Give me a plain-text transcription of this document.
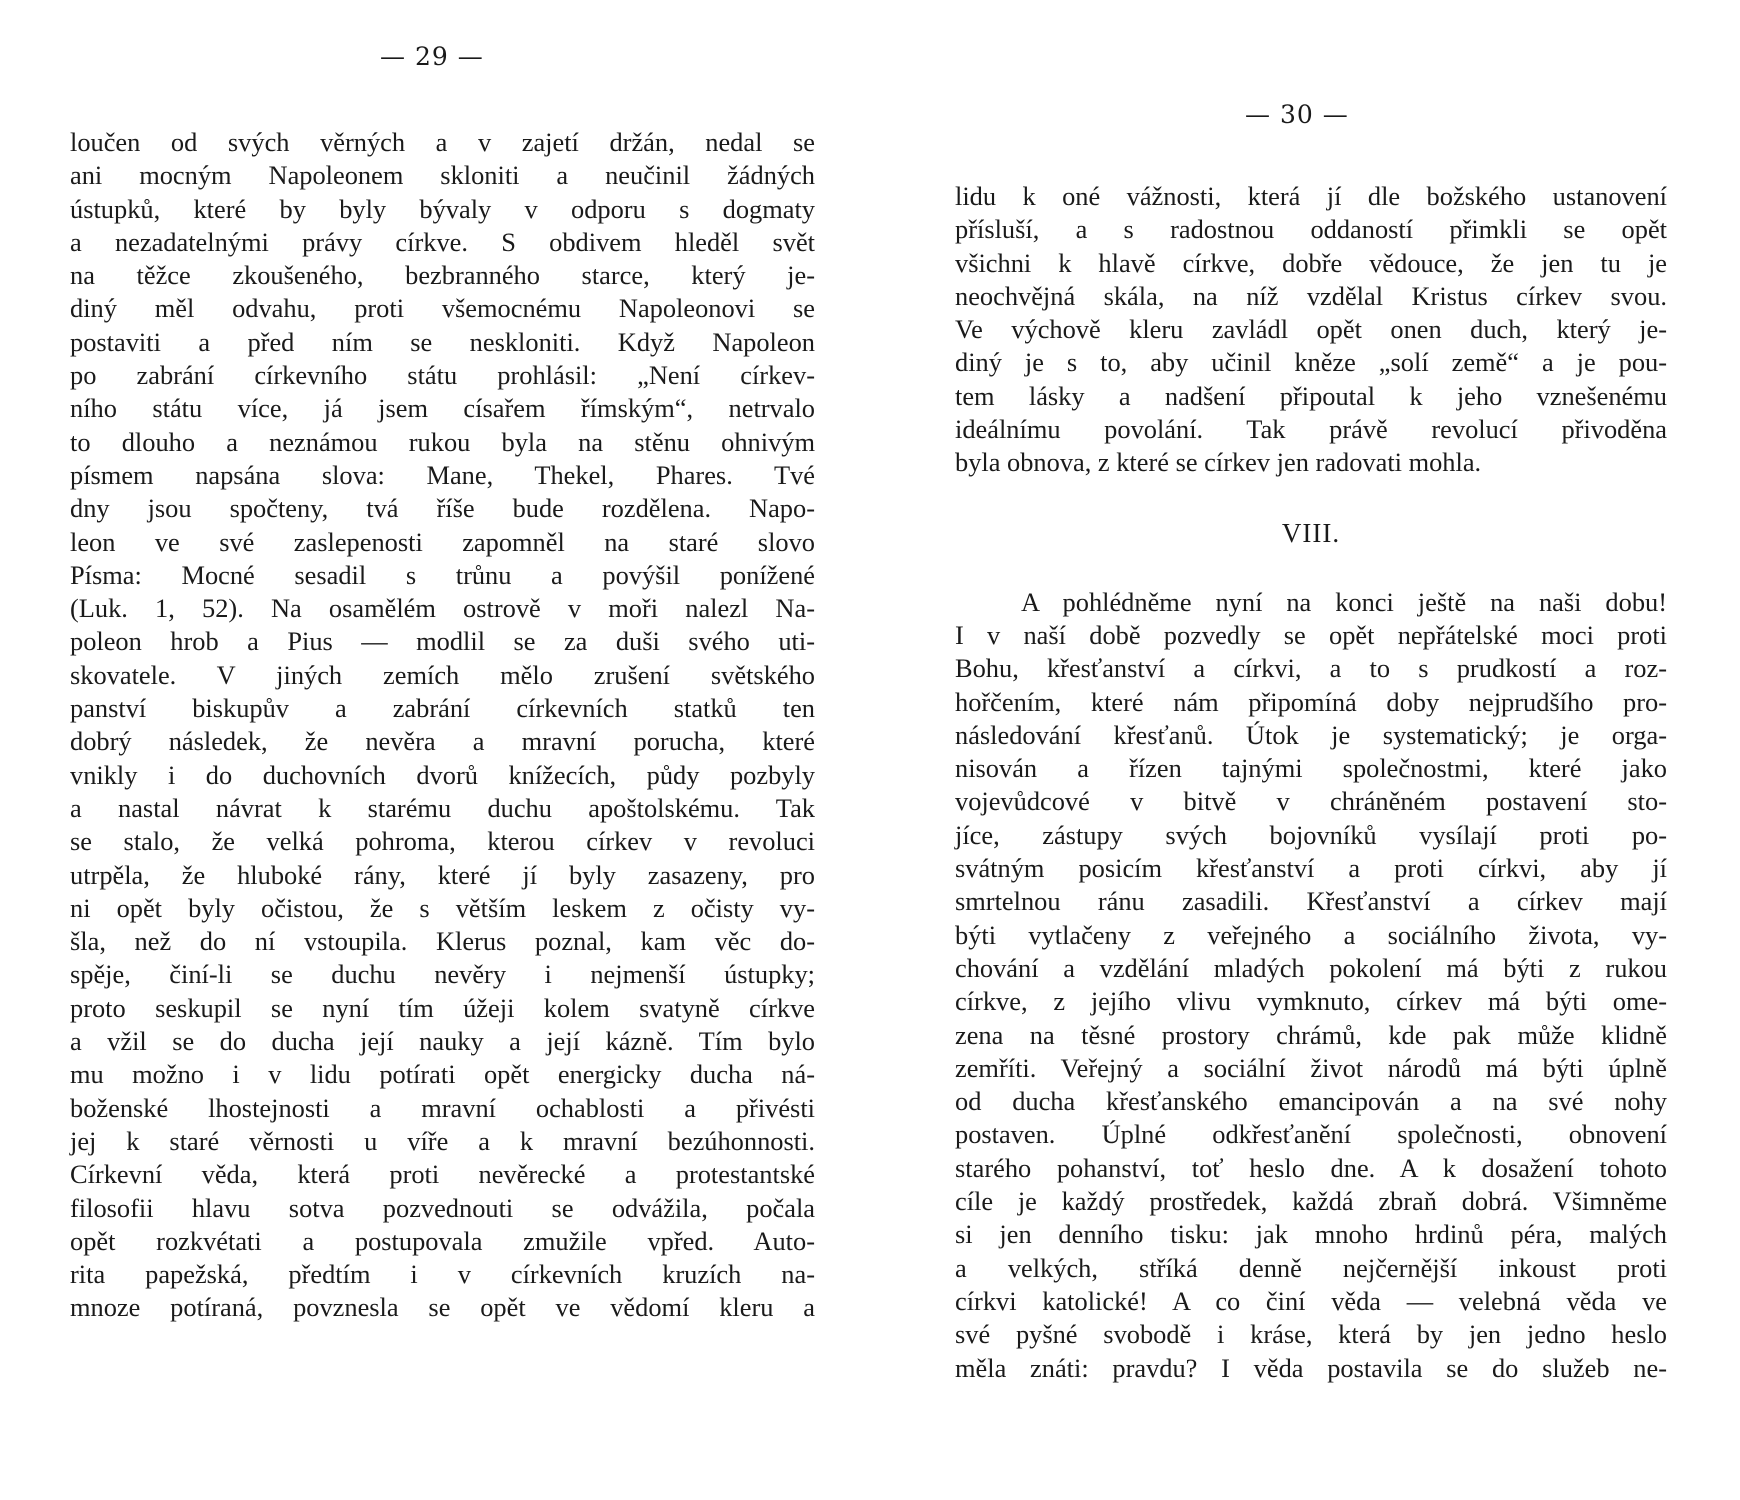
— 29 —
loučen od svých věrných a v zajetí držán, nedal se
ani mocným Napoleonem skloniti a neučinil žádných
ústupků, které by byly bývaly v odporu s dogmaty
a nezadatelnými právy církve. S obdivem hleděl svět
na těžce zkoušeného, bezbranného starce, který je-
diný měl odvahu, proti všemocnému Napoleonovi se
postaviti a před ním se neskloniti. Když Napoleon
po zabrání církevního státu prohlásil: „Není církev-
ního státu více, já jsem císařem římským“, netrvalo
to dlouho a neznámou rukou byla na stěnu ohnivým
písmem napsána slova: Mane, Thekel, Phares. Tvé
dny jsou spočteny, tvá říše bude rozdělena. Napo-
leon ve své zaslepenosti zapomněl na staré slovo
Písma: Mocné sesadil s trůnu a povýšil ponížené
(Luk. 1, 52). Na osamělém ostrově v moři nalezl Na-
poleon hrob a Pius — modlil se za duši svého uti-
skovatele. V jiných zemích mělo zrušení světského
panství biskupův a zabrání církevních statků ten
dobrý následek, že nevěra a mravní porucha, které
vnikly i do duchovních dvorů knížecích, půdy pozbyly
a nastal návrat k starému duchu apoštolskému. Tak
se stalo, že velká pohroma, kterou církev v revoluci
utrpěla, že hluboké rány, které jí byly zasazeny, pro
ni opět byly očistou, že s větším leskem z očisty vy-
šla, než do ní vstoupila. Klerus poznal, kam věc do-
spěje, činí-li se duchu nevěry i nejmenší ústupky;
proto seskupil se nyní tím úžeji kolem svatyně církve
a vžil se do ducha její nauky a její kázně. Tím bylo
mu možno i v lidu potírati opět energicky ducha ná-
boženské lhostejnosti a mravní ochablosti a přivésti
jej k staré věrnosti u víře a k mravní bezúhonnosti.
Církevní věda, která proti nevěrecké a protestantské
filosofii hlavu sotva pozvednouti se odvážila, počala
opět rozkvétati a postupovala zmužile vpřed. Auto-
rita papežská, předtím i v církevních kruzích na-
mnoze potíraná, povznesla se opět ve vědomí kleru a
— 30 —
lidu k oné vážnosti, která jí dle božského ustanovení
přísluší, a s radostnou oddaností přimkli se opět
všichni k hlavě církve, dobře vědouce, že jen tu je
neochvějná skála, na níž vzdělal Kristus církev svou.
Ve výchově kleru zavládl opět onen duch, který je-
diný je s to, aby učinil kněze „solí země“ a je pou-
tem lásky a nadšení připoutal k jeho vznešenému
ideálnímu povolání. Tak právě revolucí přivoděna
byla obnova, z které se církev jen radovati mohla.
VIII.
A pohlédněme nyní na konci ještě na naši dobu!
I v naší době pozvedly se opět nepřátelské moci proti
Bohu, křesťanství a církvi, a to s prudkostí a roz-
hořčením, které nám připomíná doby nejprudšího pro-
následování křesťanů. Útok je systematický; je orga-
nisován a řízen tajnými společnostmi, které jako
vojevůdcové v bitvě v chráněném postavení sto-
jíce, zástupy svých bojovníků vysílají proti po-
svátným posicím křesťanství a proti církvi, aby jí
smrtelnou ránu zasadili. Křesťanství a církev mají
býti vytlačeny z veřejného a sociálního života, vy-
chování a vzdělání mladých pokolení má býti z rukou
církve, z jejího vlivu vymknuto, církev má býti ome-
zena na těsné prostory chrámů, kde pak může klidně
zemříti. Veřejný a sociální život národů má býti úplně
od ducha křesťanského emancipován a na své nohy
postaven. Úplné odkřesťanění společnosti, obnovení
starého pohanství, toť heslo dne. A k dosažení tohoto
cíle je každý prostředek, každá zbraň dobrá. Všimněme
si jen denního tisku: jak mnoho hrdinů péra, malých
a velkých, stříká denně nejčernější inkoust proti
církvi katolické! A co činí věda — velebná věda ve
své pyšné svobodě i kráse, která by jen jedno heslo
měla znáti: pravdu? I věda postavila se do služeb ne-
